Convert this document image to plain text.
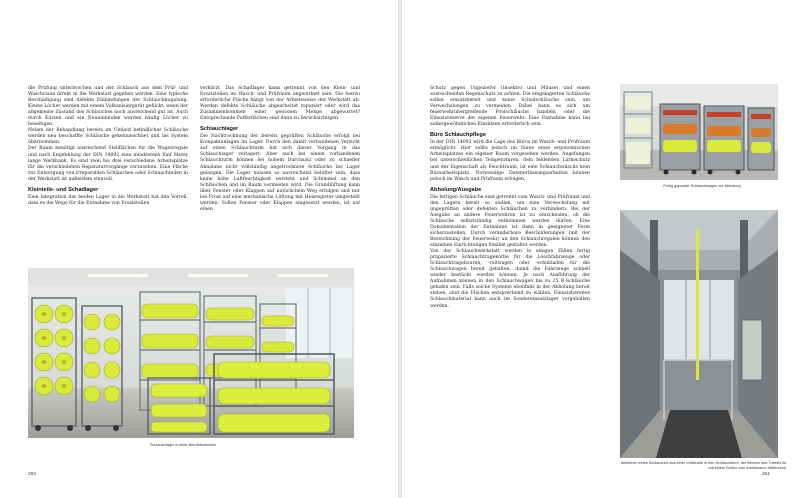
die Prüfung unterbrochen und der Schlauch aus dem Prüf- und Waschraum direkt in die Werkstatt gegeben werden. Eine typische Beschädigung sind defekte Einbindungen der Schlauchkupplung. Kleine Löcher werden mit einem Vulkanisiergerät geflickt, wenn der allgemeine Zustand des Schlauches noch ausreichend gut ist. Auch durch Kürzen und ein Neueinbinden werden häufig Löcher zu beseitigen.

Neben der Behandlung bereits im Umlauf befindlicher Schläuche werden neu beschaffte Schläuche gekennzeichnet und ins System übernommen.

Der Raum benötigt ausreichend Stellflächen für die Wagenregale und nach Empfehlung der DIN 14092 eine mindestens fünf Meter lange Werkbank. Es sind zwei bis drei verschiedene Arbeitsplätze für die verschiedenen Reparaturvorgänge vorzusehen. Eine Fläche zur Entsorgung von irreparablen Schläuchen oder Schlauchteilen in der Werkstatt ist außerdem sinnvoll.

Kleinteile- und Schadlager

Eine Integration der beiden Lager in die Werkstatt hat den Vorteil, dass es die Wege für die Entnahme von Ersatzteilen

verkürzt. Das Schadlager kann getrennt von den Klein- und Ersatzteilen im Wasch- und Prüfraum angeordnet sein. Die hierzu erforderliche Fläche hängt von der Arbeitsweise der Werkstatt ab: Werden defekte Schläuche abgearbeitet repariert oder wird das Zusammenkommen einer gewissen Menge abgewartet? Entsprechende Pufferflächen sind dann zu berücksichtigen.

Schlauchlager

Die Nachtrocknung der bereits geprüften Schläuche erfolgt bei Kompaktanlagen im Lager. Durch den damit verbundenen Verzicht auf einen Schlauchturm hat sich dieser Vorgang in das Schlauchlager verlagert. Aber auch bei einem vorhandenen Schlauchturm können bei hohem Durchsatz oder zu schneller Abnahme nicht vollständig abgetrocknete Schläuche ins Lager gelangen. Die Lager müssen so ausreichend belüftet sein, dass keine hohe Luftfeuchtigkeit entsteht und Schimmel an den Schläuchen und im Raum vermieden wird. Die Grundlüftung kann über Fenster oder Klappen auf natürlichem Weg erfolgen und nur bei Frost auf eine mechanische Lüftung mit Heizregister umgestellt werden. Sollen Fenster oder Klappen eingesetzt werden, ist auf einen

Schlauchlager in einer Berufsfeuerwehr
250

Schutz gegen Ungeziefer (Insektro und Mäuse) und einen ausreichenden Regenschutz zu achten. Die eingelagerten Schläuche sollen einsatzbereit und keine Schadschläuche sein, um Verwechslungen zu vermeiden. Dabei kann es sich um feuerwehrübergreifende Poolschläuche handeln oder die Einsatzreserve der eigenen Feuerwehr. Eine Entnahme kann bei außergewöhnlichen Einsätzen erforderlich sein.

Büro Schlauchpflege

In der DIN 14092 wird die Lage des Büros im Wasch- und Prüfraum ermöglicht. Hier sollte jedoch im Sinne eines ergonomischen Arbeitsplatzes ein eigener Raum vorgesehen werden. Angefangen bei unterschiedlichen Temperaturen, dem fehlenden Lärmschutz und der Eigenschaft als Feuchtraum, ist eine Schlauchwäsche kein Büroarbeitsplatz. Notwendige Datenerfassungsarbeiten können jedoch im Wasch und Prüfraum erfolgen.

Abholung/Ausgabe

Die fertigen Schläuche sind getrennt vom Wasch- und Prüfraum und den Lagern bereit zu stellen, um eine Verwechslung mit ungeprüften oder defekten Schläuchen zu verhindern. Bei der Ausgabe an andere Feuerwehren ist zu entscheiden, ob die Schläuche selbstständig entnommen werden dürfen. Eine Dokumentation der Entnahme ist dann in geeigneter Form sicherzustellen. Durch veränderbare Beschilderungen (mit der Bezeichnung der Feuerwehr) an den Schlauchregalen können den einzelnen Einrichtungen flexibel gestaltet werden.

Von der Schlauchwerkstatt werden in einigen Fällen fertig präparierte Schlauchtragekörbe für die Löschfahrzeuge oder Schlauchtragebouren, -roltwagen oder -schubladen für die Schlauchwagen bereit gehalten, damit die Fahrzeuge schnell wieder bestückt werden können. Je nach Ausführung der Aufnahmen können in den Schlauchwagen bis zu 25 B-Schläuche geladen sein. Falls solche Systeme ebenfalls in der Abholung bereit stehen, sind die Flächen entsprechend zu wählen. Einsatzbereites Schlauchmaterial kann auch im Sondereinsatzlager vorgehalten werden.

Fertig gepackte Schlauchwagen zur Abholung
Aufziehen eines Schlauches aus einer Vollstraße in den Schlauchturm, der Bereich des Turmes ist mit einem Rolltor vom Arbeitsraum abtrennbar
251
